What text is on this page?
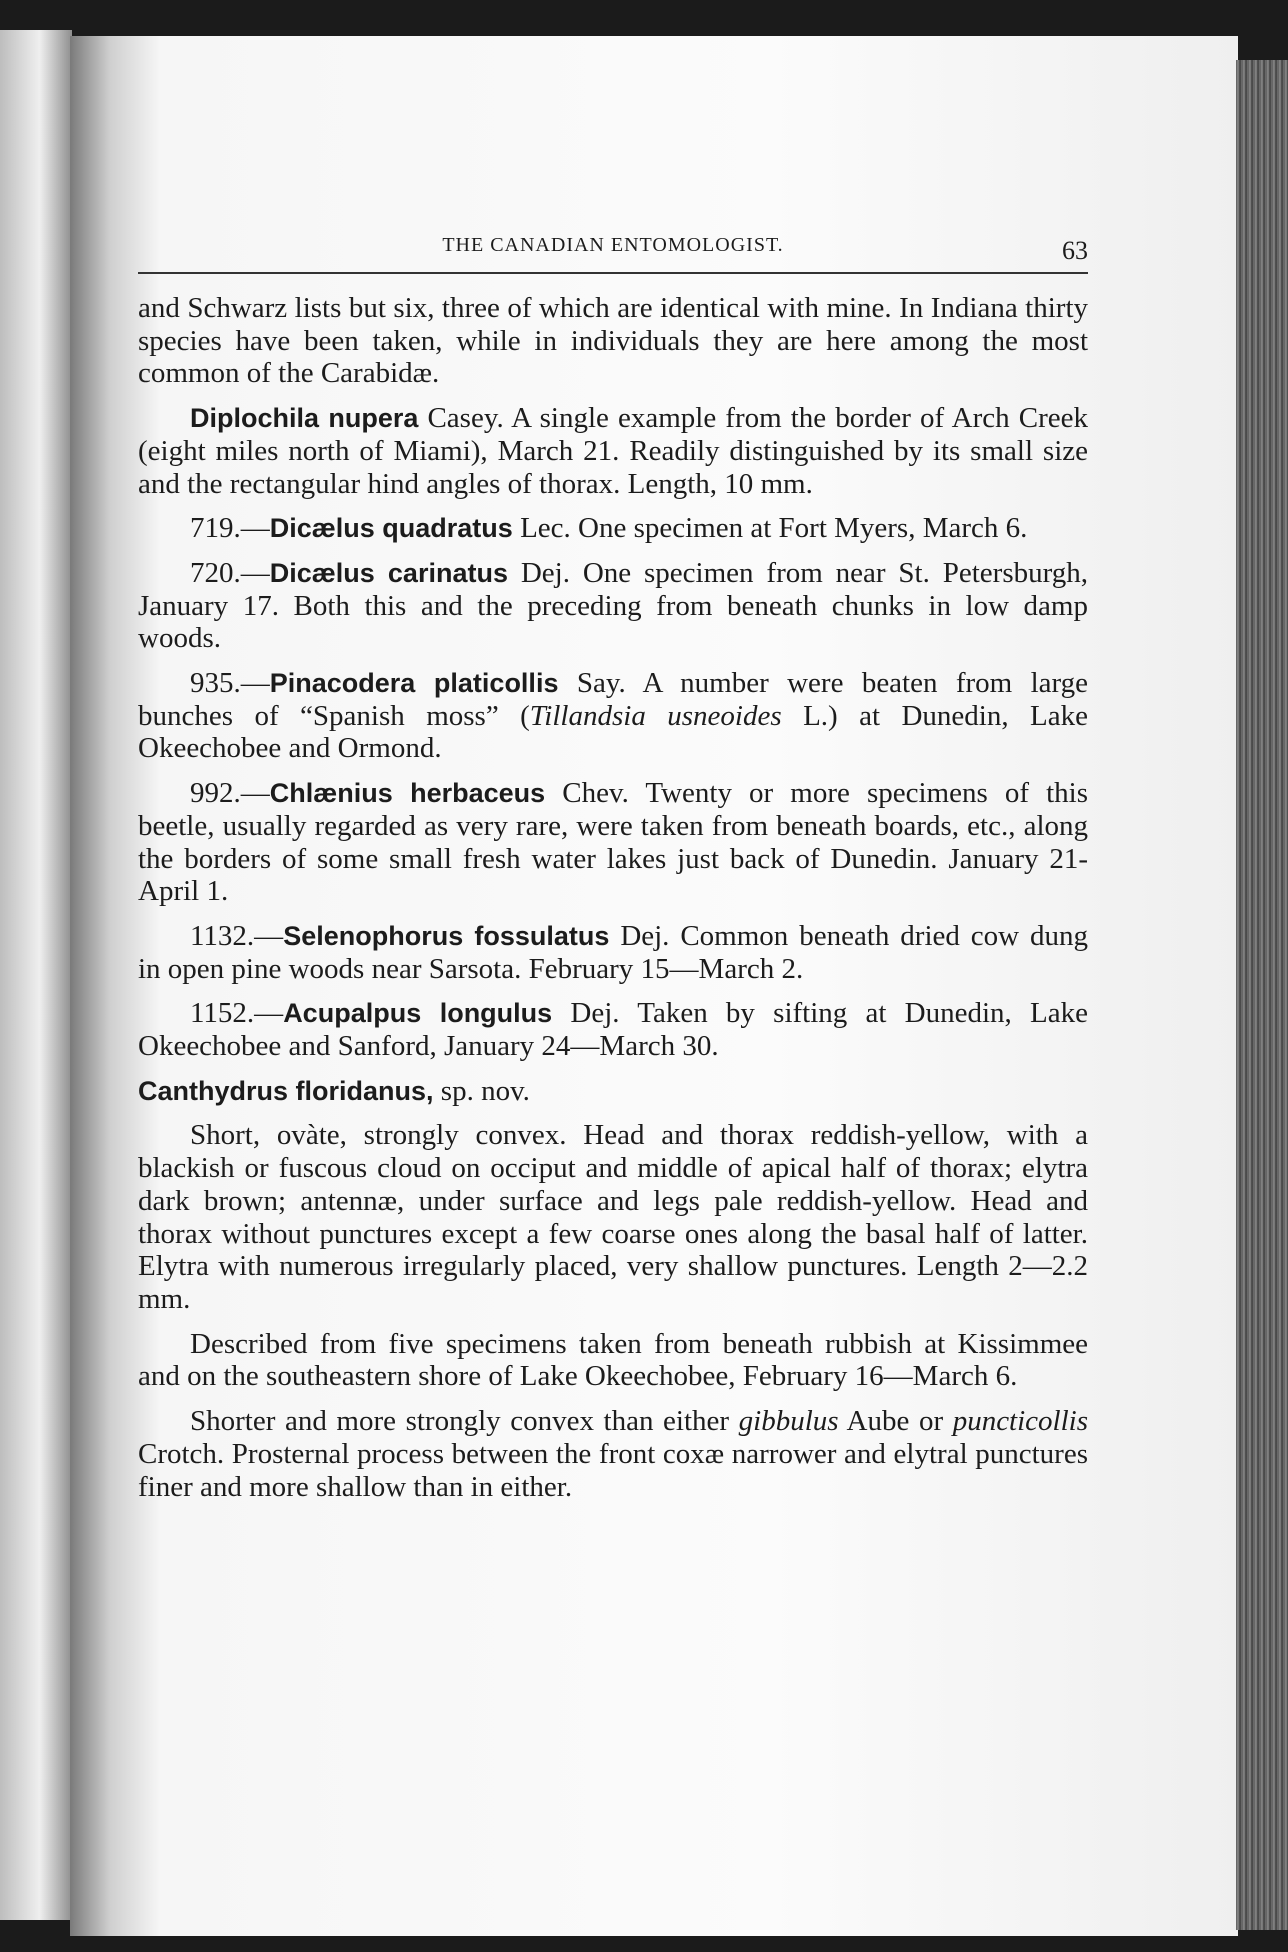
THE CANADIAN ENTOMOLOGIST.	63

and Schwarz lists but six, three of which are identical with mine. In Indiana thirty species have been taken, while in individuals they are here among the most common of the Carabidæ.

Diplochila nupera Casey. A single example from the border of Arch Creek (eight miles north of Miami), March 21. Readily distinguished by its small size and the rectangular hind angles of thorax. Length, 10 mm.

719.—Dicælus quadratus Lec. One specimen at Fort Myers, March 6.

720.—Dicælus carinatus Dej. One specimen from near St. Petersburgh, January 17. Both this and the preceding from beneath chunks in low damp woods.

935.—Pinacodera platicollis Say. A number were beaten from large bunches of “Spanish moss” (Tillandsia usneoides L.) at Dunedin, Lake Okeechobee and Ormond.

992.—Chlænius herbaceus Chev. Twenty or more specimens of this beetle, usually regarded as very rare, were taken from beneath boards, etc., along the borders of some small fresh water lakes just back of Dunedin. January 21-April 1.

1132.—Selenophorus fossulatus Dej. Common beneath dried cow dung in open pine woods near Sarsota. February 15—March 2.

1152.—Acupalpus longulus Dej. Taken by sifting at Dunedin, Lake Okeechobee and Sanford, January 24—March 30.

Canthydrus floridanus, sp. nov.

Short, ovàte, strongly convex. Head and thorax reddish-yellow, with a blackish or fuscous cloud on occiput and middle of apical half of thorax; elytra dark brown; antennæ, under surface and legs pale reddish-yellow. Head and thorax without punctures except a few coarse ones along the basal half of latter. Elytra with numerous irregularly placed, very shallow punctures. Length 2—2.2 mm.

Described from five specimens taken from beneath rubbish at Kissimmee and on the southeastern shore of Lake Okeechobee, February 16—March 6.

Shorter and more strongly convex than either gibbulus Aube or puncticollis Crotch. Prosternal process between the front coxæ narrower and elytral punctures finer and more shallow than in either.
